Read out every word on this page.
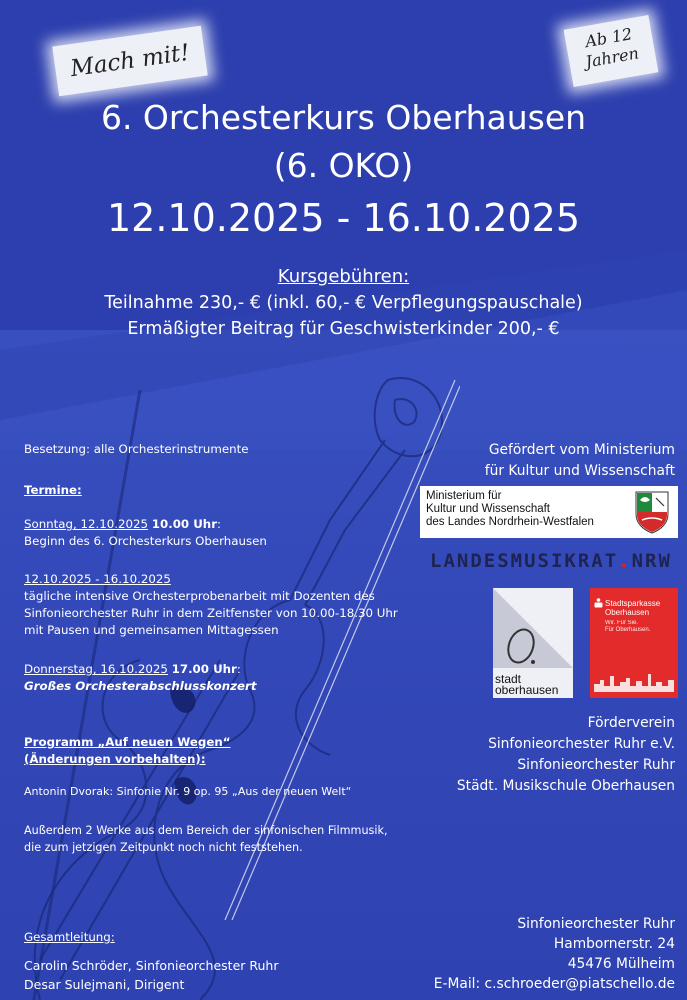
Mach mit!
Ab 12
Jahren
6. Orchesterkurs Oberhausen
(6. OKO)
12.10.2025 - 16.10.2025
Kursgebühren:
Teilnahme 230,- € (inkl. 60,- € Verpflegungspauschale)
Ermäßigter Beitrag für Geschwisterkinder 200,- €
Besetzung: alle Orchesterinstrumente
Termine:
Sonntag, 12.10.2025 10.00 Uhr:
Beginn des 6. Orchesterkurs Oberhausen
12.10.2025 - 16.10.2025
tägliche intensive Orchesterprobenarbeit mit Dozenten des
Sinfonieorchester Ruhr in dem Zeitfenster von 10.00-18.30 Uhr
mit Pausen und gemeinsamen Mittagessen
Donnerstag, 16.10.2025 17.00 Uhr:
Großes Orchesterabschlusskonzert
Programm „Auf neuen Wegen“
(Änderungen vorbehalten):
Antonin Dvorak: Sinfonie Nr. 9 op. 95 „Aus der neuen Welt“
Außerdem 2 Werke aus dem Bereich der sinfonischen Filmmusik,
die zum jetzigen Zeitpunkt noch nicht feststehen.
Gesamtleitung:
Carolin Schröder, Sinfonieorchester Ruhr
Desar Sulejmani, Dirigent
Gefördert vom Ministerium
für Kultur und Wissenschaft
Ministerium für
Kultur und Wissenschaft
des Landes Nordrhein-Westfalen
LANDESMUSIKRAT.NRW
stadt
oberhausen
Stadtsparkasse
Oberhausen
Wir. Für Sie.
Für Oberhausen.
Förderverein
Sinfonieorchester Ruhr e.V.
Sinfonieorchester Ruhr
Städt. Musikschule Oberhausen
Sinfonieorchester Ruhr
Hambornerstr. 24
45476 Mülheim
E-Mail: c.schroeder@piatschello.de
